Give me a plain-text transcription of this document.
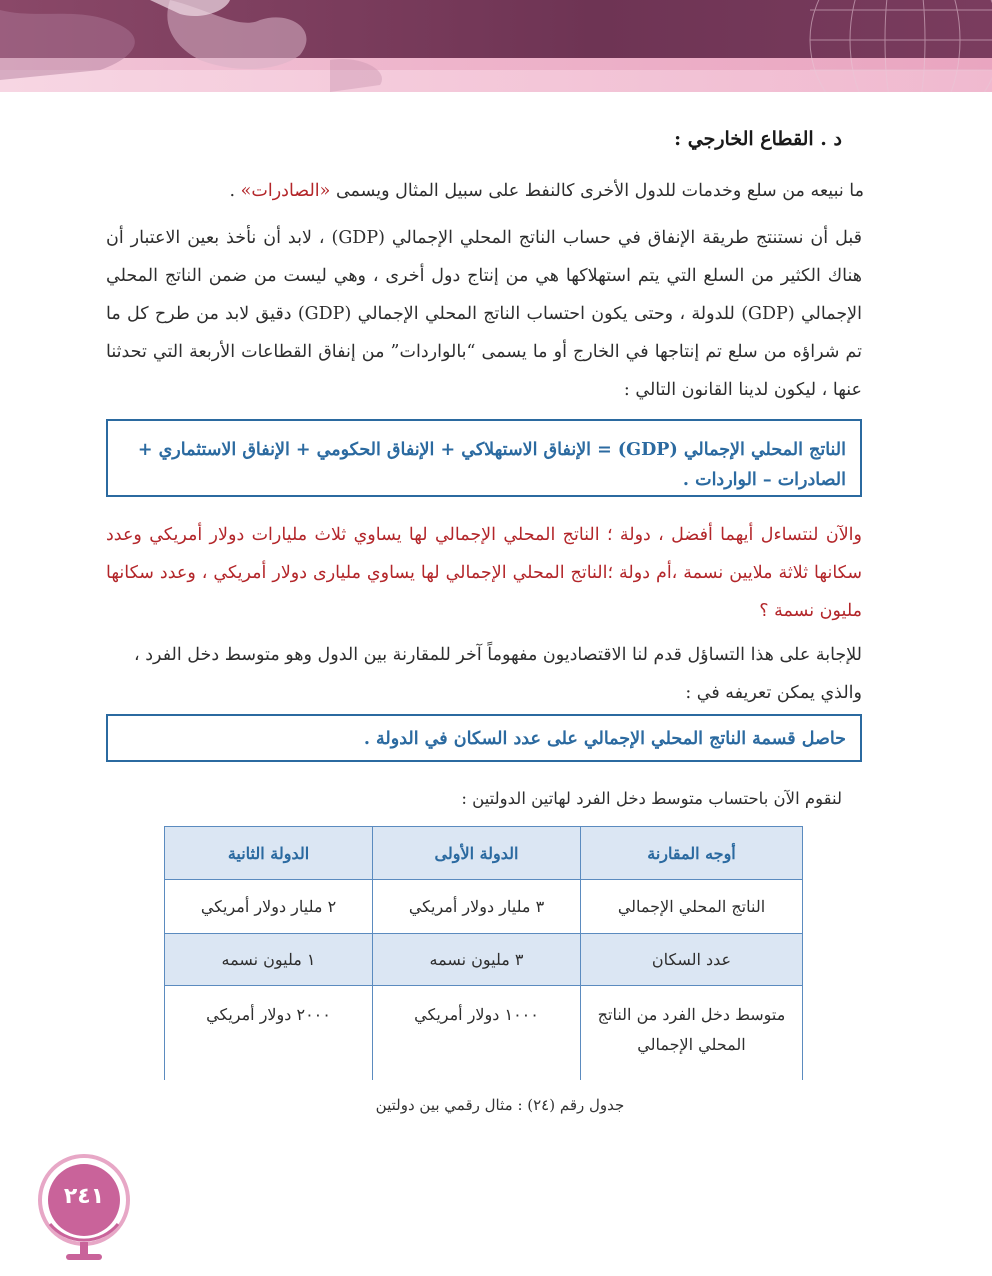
د . القطاع الخارجي :
ما نبيعه من سلع وخدمات للدول الأخرى كالنفط على سبيل المثال ويسمى «الصادرات» .
قبل أن نستنتج طريقة الإنفاق في حساب الناتج المحلي الإجمالي (GDP) ، لابد أن نأخذ بعين الاعتبار أن هناك الكثير من السلع التي يتم استهلاكها هي من إنتاج دول أخرى ، وهي ليست من ضمن الناتج المحلي الإجمالي (GDP) للدولة ، وحتى يكون احتساب الناتج المحلي الإجمالي (GDP) دقيق لابد من طرح كل ما تم شراؤه من سلع تم إنتاجها في الخارج أو ما يسمى “بالواردات” من إنفاق القطاعات الأربعة التي تحدثنا عنها ، ليكون لدينا القانون التالي :
الناتج المحلي الإجمالي (GDP) = الإنفاق الاستهلاكي + الإنفاق الحكومي + الإنفاق الاستثماري + الصادرات – الواردات .
والآن لنتساءل أيهما أفضل ، دولة ؛ الناتج المحلي الإجمالي لها يساوي ثلاث مليارات دولار أمريكي وعدد سكانها ثلاثة ملايين نسمة ،أم دولة ؛الناتج المحلي الإجمالي لها يساوي مليارى دولار أمريكي ، وعدد سكانها مليون نسمة ؟
للإجابة على هذا التساؤل قدم لنا الاقتصاديون مفهوماً آخر للمقارنة بين الدول وهو متوسط دخل الفرد ، والذي يمكن تعريفه في :
حاصل قسمة الناتج المحلي الإجمالي على عدد السكان في الدولة .
لنقوم الآن باحتساب متوسط دخل الفرد لهاتين الدولتين :
أوجه المقارنة	الدولة الأولى	الدولة الثانية
الناتج المحلي الإجمالي	٣ مليار دولار أمريكي	٢ مليار دولار أمريكي
عدد السكان	٣ مليون نسمه	١ مليون نسمه
متوسط دخل الفرد من الناتج المحلي الإجمالي	١٠٠٠ دولار أمريكي	٢٠٠٠ دولار أمريكي
جدول رقم (٢٤) : مثال رقمي بين دولتين
٢٤١
